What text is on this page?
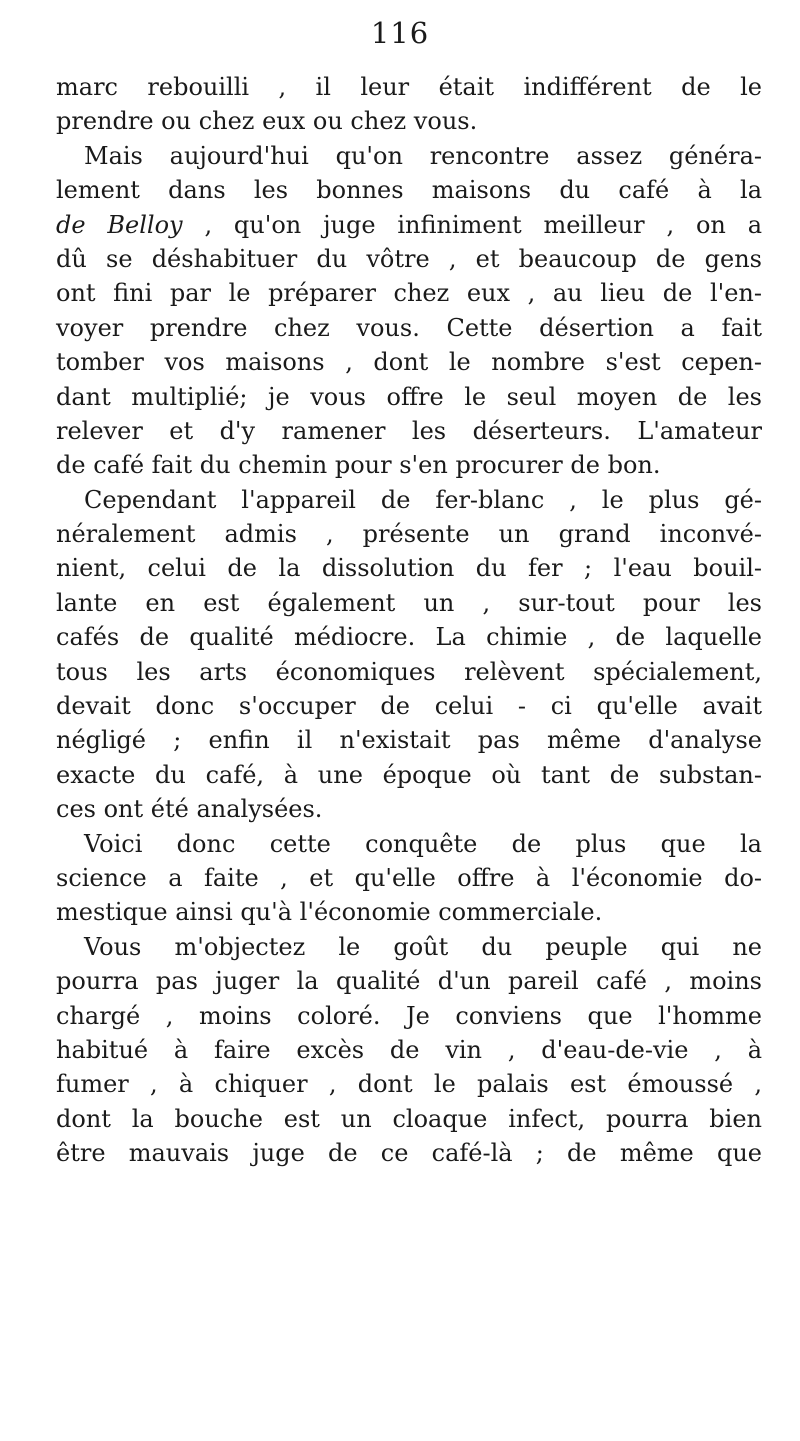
116
marc rebouilli , il leur était indifférent de le
prendre ou chez eux ou chez vous.
Mais aujourd'hui qu'on rencontre assez généra-
lement dans les bonnes maisons du café à la
de Belloy , qu'on juge infiniment meilleur , on a
dû se déshabituer du vôtre , et beaucoup de gens
ont fini par le préparer chez eux , au lieu de l'en-
voyer prendre chez vous. Cette désertion a fait
tomber vos maisons , dont le nombre s'est cepen-
dant multiplié; je vous offre le seul moyen de les
relever et d'y ramener les déserteurs. L'amateur
de café fait du chemin pour s'en procurer de bon.
Cependant l'appareil de fer-blanc , le plus gé-
néralement admis , présente un grand inconvé-
nient, celui de la dissolution du fer ; l'eau bouil-
lante en est également un , sur-tout pour les
cafés de qualité médiocre. La chimie , de laquelle
tous les arts économiques relèvent spécialement,
devait donc s'occuper de celui - ci qu'elle avait
négligé ; enfin il n'existait pas même d'analyse
exacte du café, à une époque où tant de substan-
ces ont été analysées.
Voici donc cette conquête de plus que la
science a faite , et qu'elle offre à l'économie do-
mestique ainsi qu'à l'économie commerciale.
Vous m'objectez le goût du peuple qui ne
pourra pas juger la qualité d'un pareil café , moins
chargé , moins coloré. Je conviens que l'homme
habitué à faire excès de vin , d'eau-de-vie , à
fumer , à chiquer , dont le palais est émoussé ,
dont la bouche est un cloaque infect, pourra bien
être mauvais juge de ce café-là ; de même que
